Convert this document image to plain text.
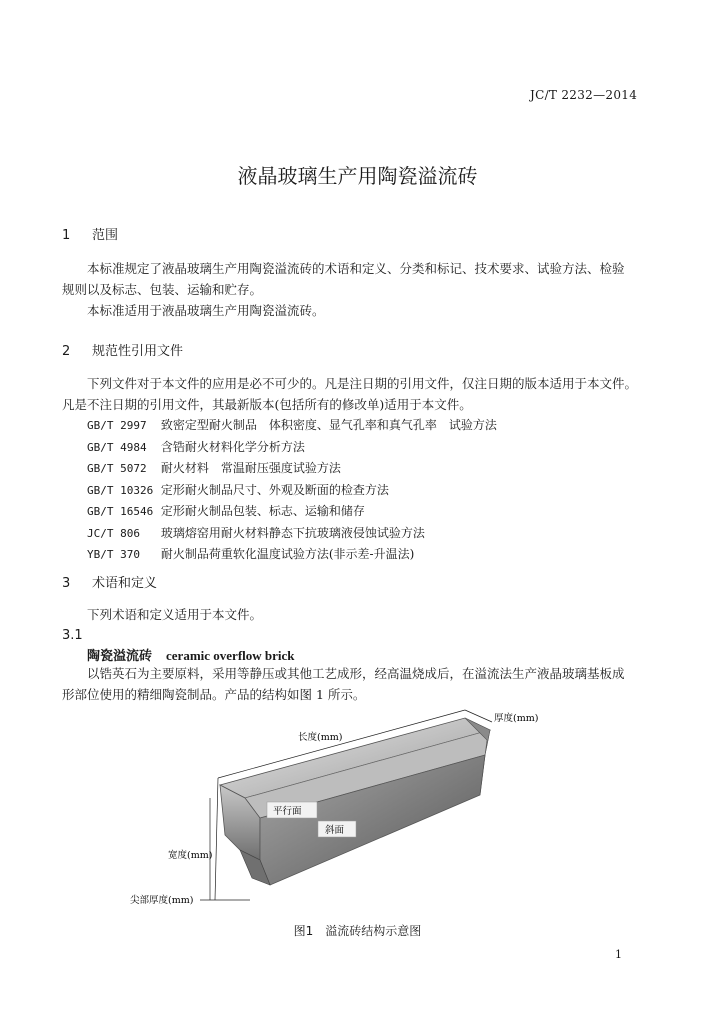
JC/T 2232—2014
液晶玻璃生产用陶瓷溢流砖
1 范围
本标准规定了液晶玻璃生产用陶瓷溢流砖的术语和定义、分类和标记、技术要求、试验方法、检验
规则以及标志、包装、运输和贮存。
本标准适用于液晶玻璃生产用陶瓷溢流砖。
2 规范性引用文件
下列文件对于本文件的应用是必不可少的。凡是注日期的引用文件，仅注日期的版本适用于本文件。
凡是不注日期的引用文件，其最新版本(包括所有的修改单)适用于本文件。
GB/T 2997 致密定型耐火制品　体积密度、显气孔率和真气孔率　试验方法
GB/T 4984 含锆耐火材料化学分析方法
GB/T 5072 耐火材料　常温耐压强度试验方法
GB/T 10326 定形耐火制品尺寸、外观及断面的检查方法
GB/T 16546 定形耐火制品包装、标志、运输和储存
JC/T 806 玻璃熔窑用耐火材料静态下抗玻璃液侵蚀试验方法
YB/T 370 耐火制品荷重软化温度试验方法(非示差-升温法)
3 术语和定义
下列术语和定义适用于本文件。
3.1
陶瓷溢流砖 ceramic overflow brick
以锆英石为主要原料，采用等静压或其他工艺成形，经高温烧成后，在溢流法生产液晶玻璃基板成
形部位使用的精细陶瓷制品。产品的结构如图 1 所示。
长度(mm)
厚度(mm)
宽度(mm)
尖部厚度(mm)
平行面
斜面
图1　溢流砖结构示意图
1
